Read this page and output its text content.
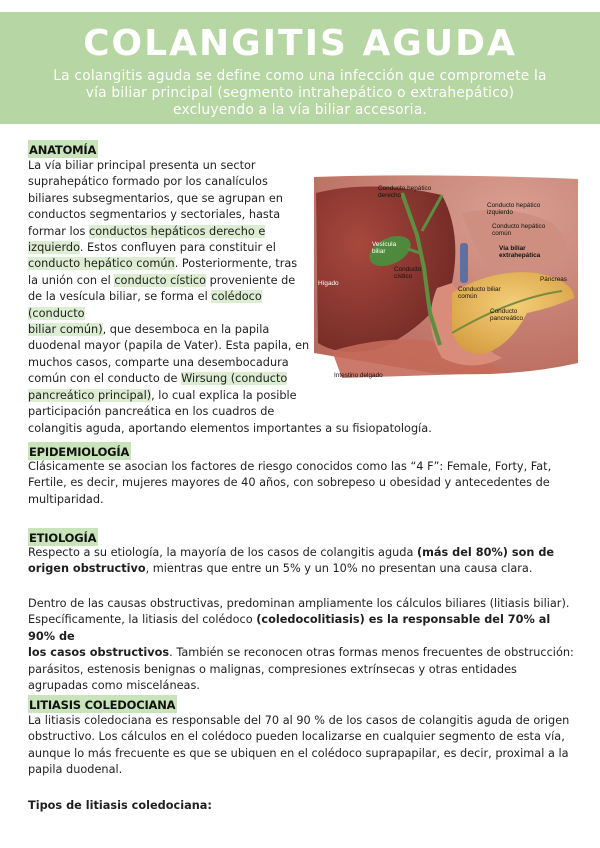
COLANGITIS AGUDA
La colangitis aguda se define como una infección que compromete la
vía biliar principal (segmento intrahepático o extrahepático)
excluyendo a la vía biliar accesoria.
ANATOMÍA
La vía biliar principal presenta un sector
suprahepático formado por los canalículos
biliares subsegmentarios, que se agrupan en
conductos segmentarios y sectoriales, hasta
formar los conductos hepáticos derecho e
izquierdo. Estos confluyen para constituir el
conducto hepático común. Posteriormente, tras
la unión con el conducto cístico proveniente de
de la vesícula biliar, se forma el colédoco (conducto
biliar común), que desemboca en la papila
duodenal mayor (papila de Vater). Esta papila, en
muchos casos, comparte una desembocadura
común con el conducto de Wirsung (conducto
pancreático principal), lo cual explica la posible
participación pancreática en los cuadros de
colangitis aguda, aportando elementos importantes a su fisiopatología.
Conducto hepático derecho
Conducto hepático izquierdo
Conducto hepático común
Vía biliar extrahepática
Vesícula biliar
Conducto cístico
Hígado
Páncreas
Conducto biliar común
Conducto pancreático
Intestino delgado
EPIDEMIOLOGÍA
Clásicamente se asocian los factores de riesgo conocidos como las “4 F”: Female, Forty, Fat,
Fertile, es decir, mujeres mayores de 40 años, con sobrepeso u obesidad y antecedentes de
multiparidad.
ETIOLOGÍA
Respecto a su etiología, la mayoría de los casos de colangitis aguda (más del 80%) son de
origen obstructivo, mientras que entre un 5% y un 10% no presentan una causa clara.
Dentro de las causas obstructivas, predominan ampliamente los cálculos biliares (litiasis biliar).
Específicamente, la litiasis del colédoco (coledocolitiasis) es la responsable del 70% al 90% de
los casos obstructivos. También se reconocen otras formas menos frecuentes de obstrucción:
parásitos, estenosis benignas o malignas, compresiones extrínsecas y otras entidades
agrupadas como misceláneas.
LITIASIS COLEDOCIANA
La litiasis coledociana es responsable del 70 al 90 % de los casos de colangitis aguda de origen
obstructivo. Los cálculos en el colédoco pueden localizarse en cualquier segmento de esta vía,
aunque lo más frecuente es que se ubiquen en el colédoco suprapapilar, es decir, proximal a la
papila duodenal.
Tipos de litiasis coledociana:
